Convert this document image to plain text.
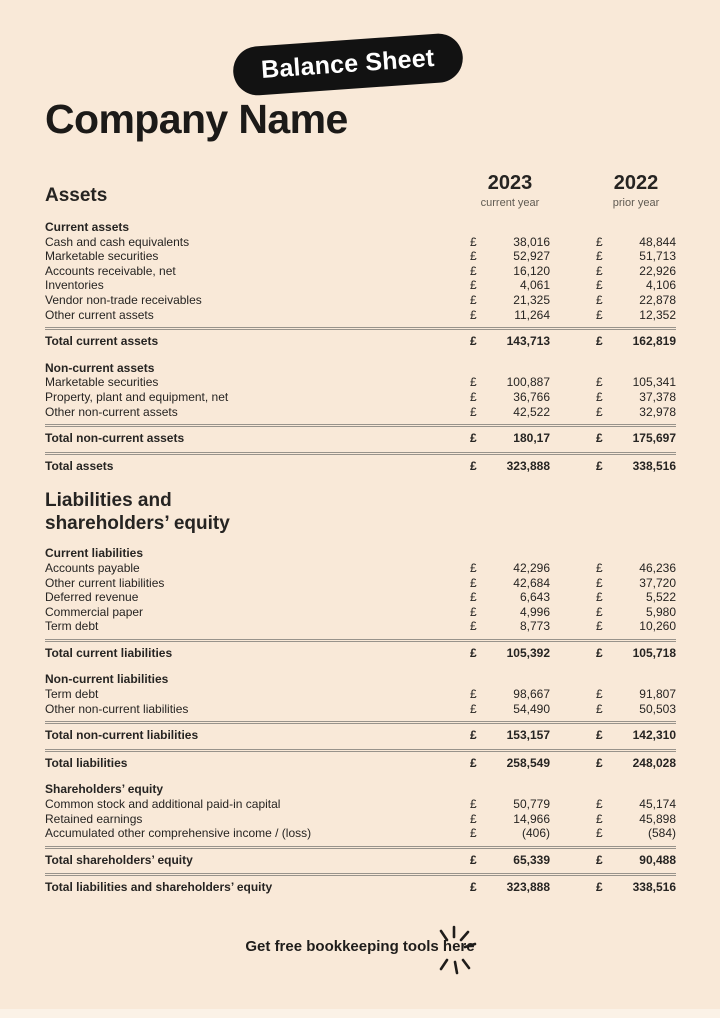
Balance Sheet
Company Name
Assets
2023
current year
2022
prior year
Current assets
Cash and cash equivalents	£	38,016	£	48,844
Marketable securities	£	52,927	£	51,713
Accounts receivable, net	£	16,120	£	22,926
Inventories	£	4,061	£	4,106
Vendor non-trade receivables	£	21,325	£	22,878
Other current assets	£	11,264	£	12,352
Total current assets	£	143,713	£	162,819
Non-current assets
Marketable securities	£	100,887	£	105,341
Property, plant and equipment, net	£	36,766	£	37,378
Other non-current assets	£	42,522	£	32,978
Total non-current assets	£	180,17	£	175,697
Total assets	£	323,888	£	338,516
Liabilities and
shareholders’ equity
Current liabilities
Accounts payable	£	42,296	£	46,236
Other current liabilities	£	42,684	£	37,720
Deferred revenue	£	6,643	£	5,522
Commercial paper	£	4,996	£	5,980
Term debt	£	8,773	£	10,260
Total current liabilities	£	105,392	£	105,718
Non-current liabilities
Term debt	£	98,667	£	91,807
Other non-current liabilities	£	54,490	£	50,503
Total non-current liabilities	£	153,157	£	142,310
Total liabilities	£	258,549	£	248,028
Shareholders’ equity
Common stock and additional paid-in capital	£	50,779	£	45,174
Retained earnings	£	14,966	£	45,898
Accumulated other comprehensive income / (loss)	£	(406)	£	(584)
Total shareholders’ equity	£	65,339	£	90,488
Total liabilities and shareholders’ equity	£	323,888	£	338,516
Get free bookkeeping tools here
